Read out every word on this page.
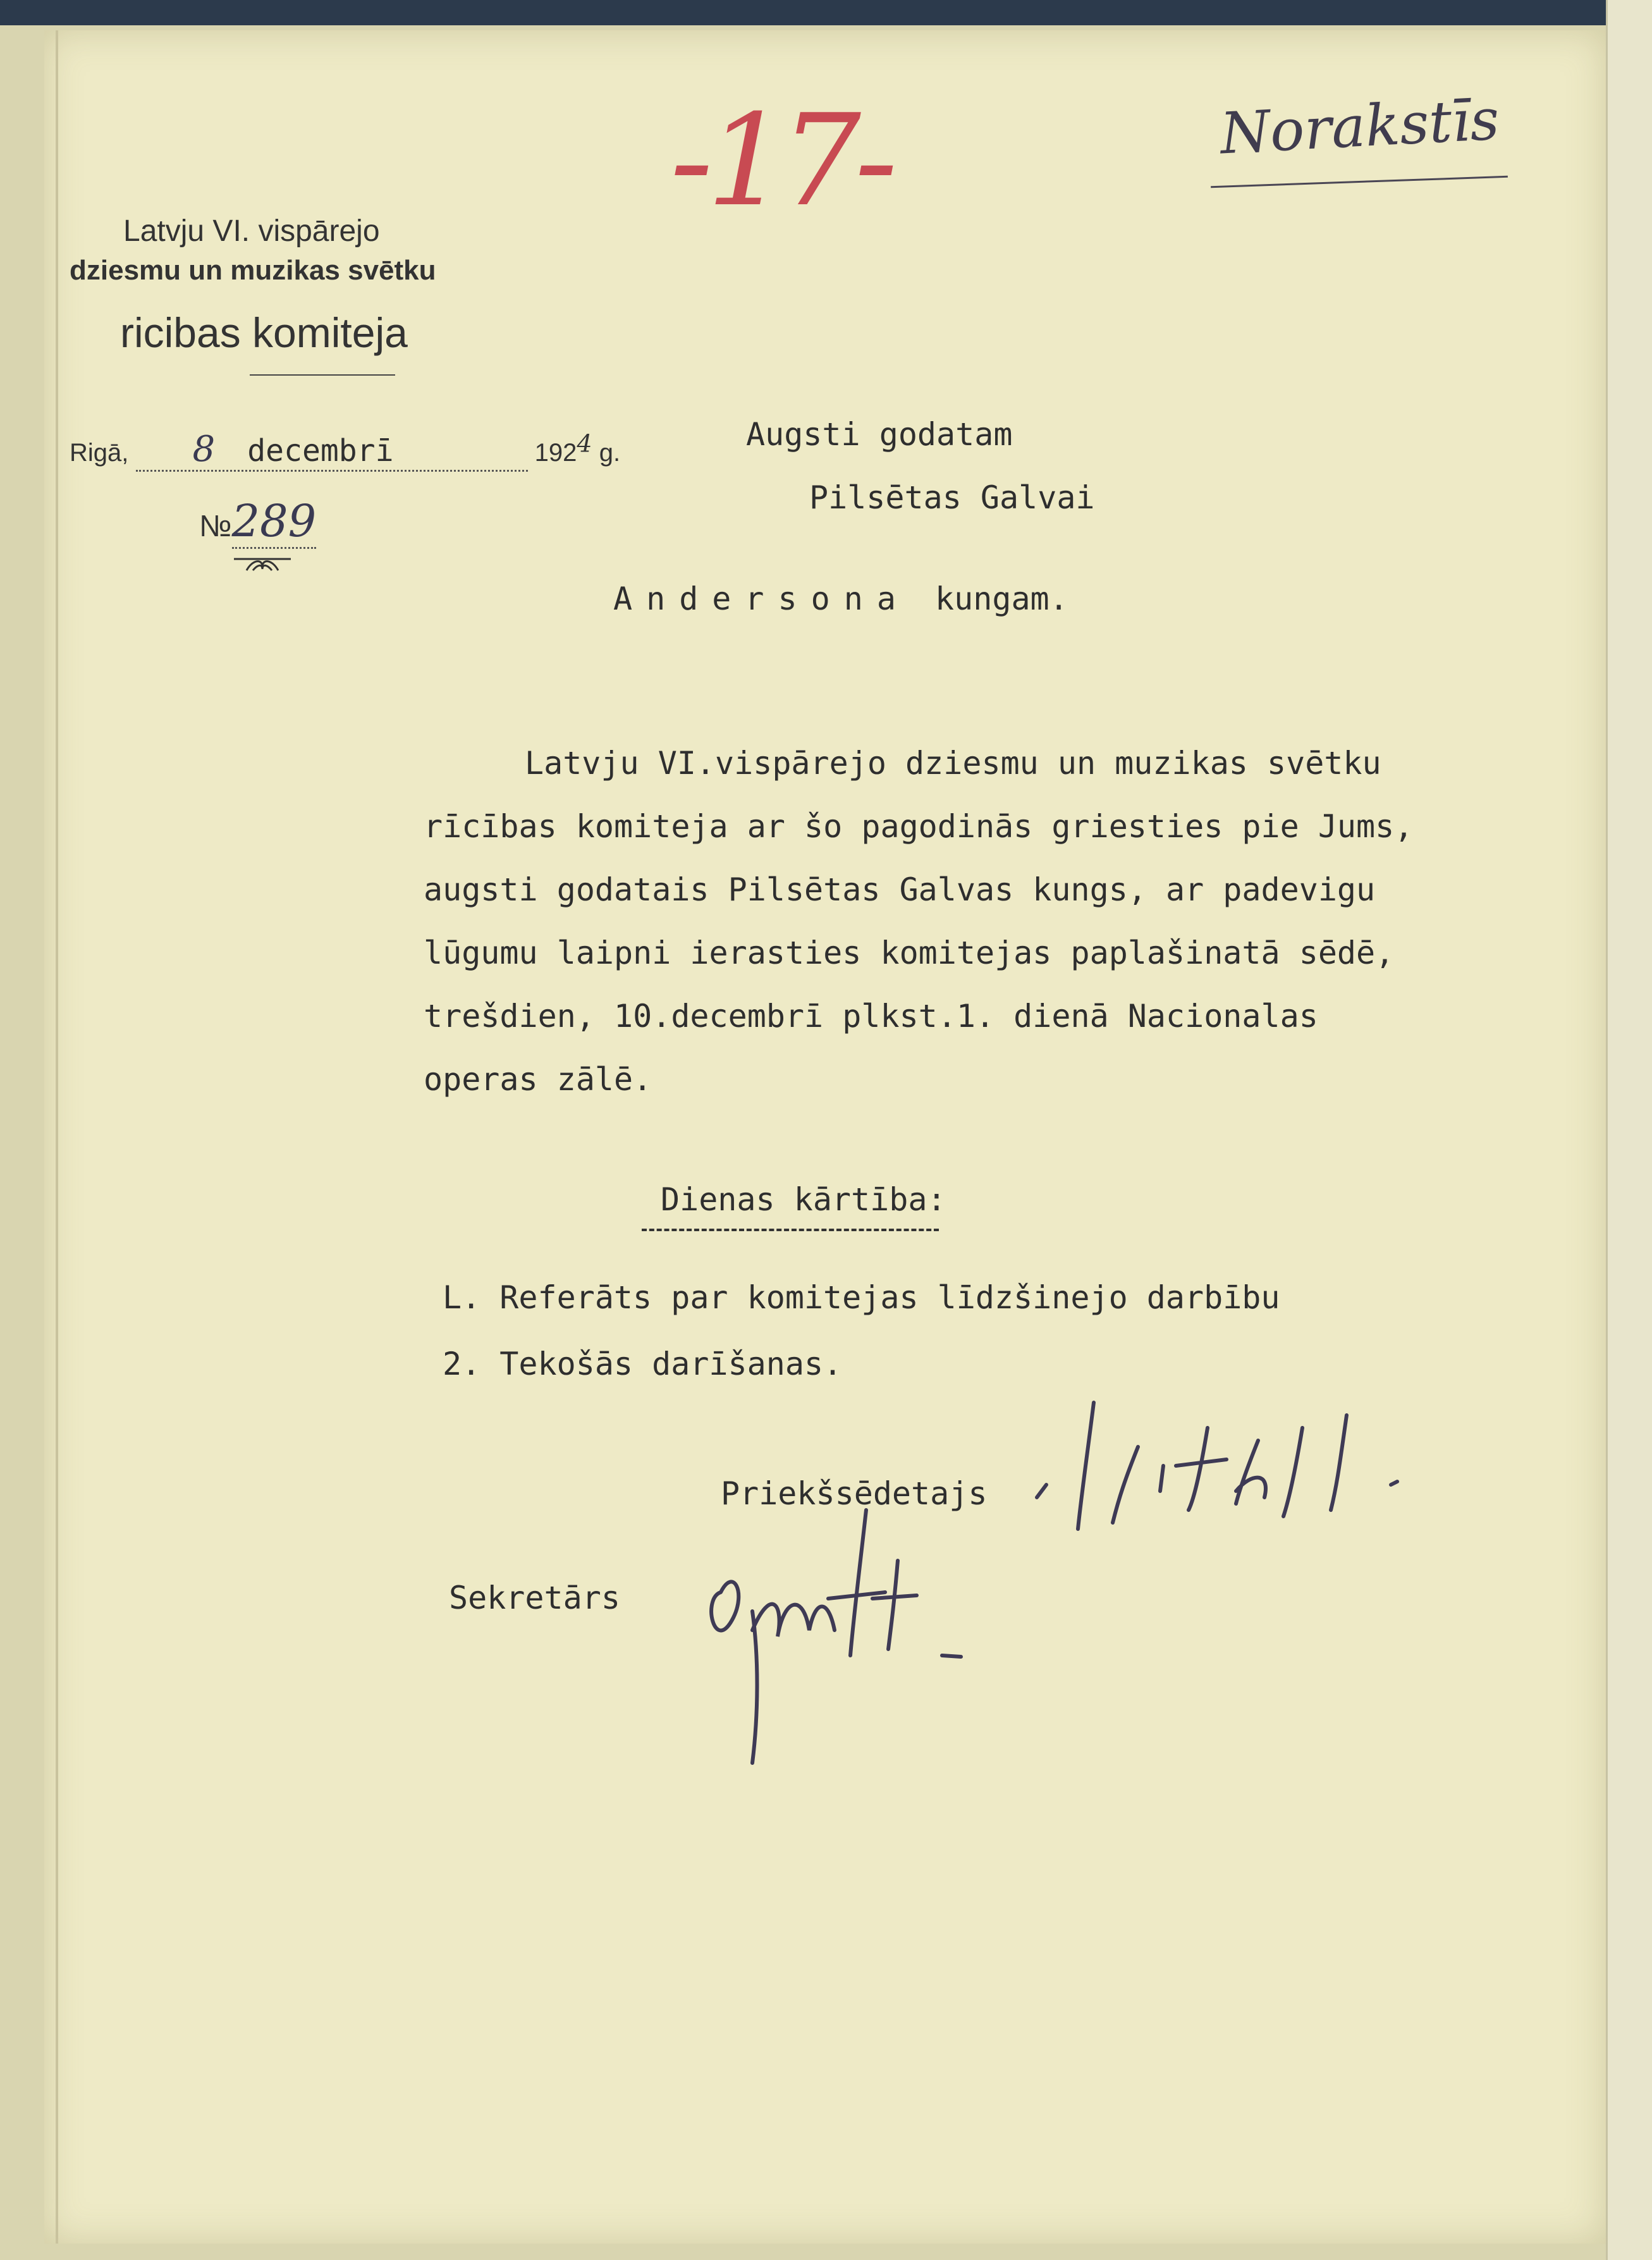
Latvju VI. vispārejo
dziesmu un muzikas svētku
ricibas komiteja
Rigā, 8 decembrī	1924 g.
№289
-17-	Norakstīs
Augsti godatam
Pilsētas Galvai
Andersona kungam.
Latvju VI.vispārejo dziesmu un muzikas svētku
rīcības komiteja ar šo pagodinās griesties pie Jums,
augsti godatais Pilsētas Galvas kungs, ar padevigu
lūgumu laipni ierasties komitejas paplašinatā sēdē,
trešdien, 10.decembrī plkst.1. dienā Nacionalas
operas zālē.
Dienas kārtība:
L. Referāts par komitejas līdzšinejo darbību
2. Tekošās darīšanas.
Priekšsēdetajs
Sekretārs
